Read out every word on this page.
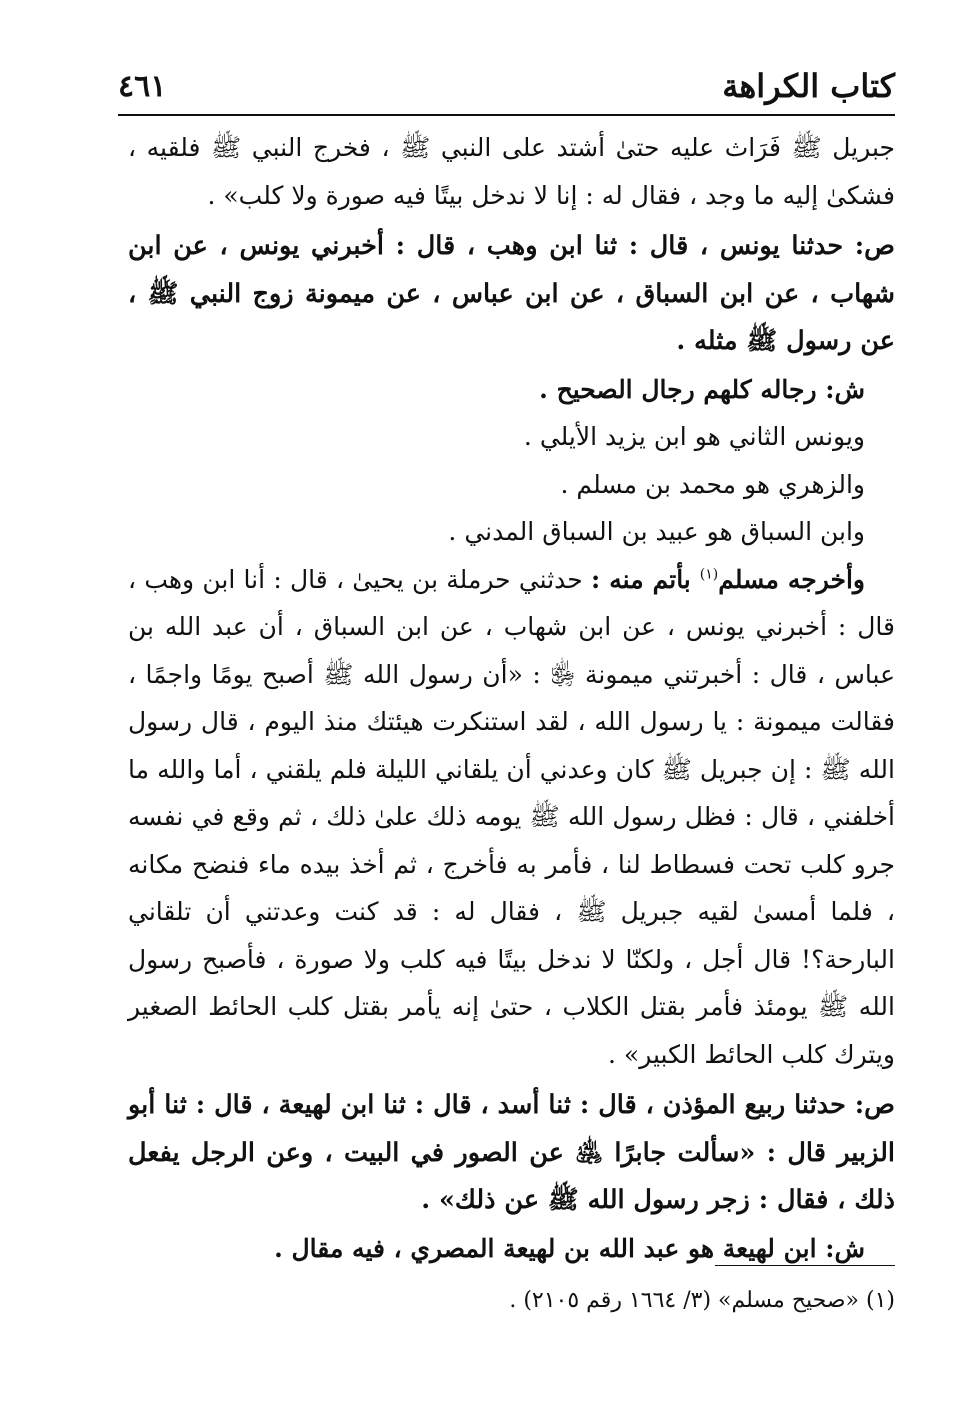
كتاب الكراهة
٤٦١

جبريل ﷺ فَرَاث عليه حتىٰ أشتد على النبي ﷺ ، فخرج النبي ﷺ فلقيه ، فشكىٰ إليه ما وجد ، فقال له : إنا لا ندخل بيتًا فيه صورة ولا كلب» .

ص: حدثنا يونس ، قال : ثنا ابن وهب ، قال : أخبرني يونس ، عن ابن شهاب ، عن ابن السباق ، عن ابن عباس ، عن ميمونة زوج النبي ﷺ ، عن رسول ﷺ مثله .

ش: رجاله كلهم رجال الصحيح .

ويونس الثاني هو ابن يزيد الأيلي .

والزهري هو محمد بن مسلم .

وابن السباق هو عبيد بن السباق المدني .

وأخرجه مسلم$^{(١)}$ بأتم منه : حدثني حرملة بن يحيىٰ ، قال : أنا ابن وهب ، قال : أخبرني يونس ، عن ابن شهاب ، عن ابن السباق ، أن عبد الله بن عباس ، قال : أخبرتني ميمونة ﵂ : «أن رسول الله ﷺ أصبح يومًا واجمًا ، فقالت ميمونة : يا رسول الله ، لقد استنكرت هيئتك منذ اليوم ، قال رسول الله ﷺ : إن جبريل ﷺ كان وعدني أن يلقاني الليلة فلم يلقني ، أما والله ما أخلفني ، قال : فظل رسول الله ﷺ يومه ذلك علىٰ ذلك ، ثم وقع في نفسه جرو كلب تحت فسطاط لنا ، فأمر به فأخرج ، ثم أخذ بيده ماء فنضح مكانه ، فلما أمسىٰ لقيه جبريل ﷺ ، فقال له : قد كنت وعدتني أن تلقاني البارحة؟! قال أجل ، ولكنّا لا ندخل بيتًا فيه كلب ولا صورة ، فأصبح رسول الله ﷺ يومئذ فأمر بقتل الكلاب ، حتىٰ إنه يأمر بقتل كلب الحائط الصغير ويترك كلب الحائط الكبير» .

ص: حدثنا ربيع المؤذن ، قال : ثنا أسد ، قال : ثنا ابن لهيعة ، قال : ثنا أبو الزبير قال : «سألت جابرًا ﵁ عن الصور في البيت ، وعن الرجل يفعل ذلك ، فقال : زجر رسول الله ﷺ عن ذلك» .

ش: ابن لهيعة هو عبد الله بن لهيعة المصري ، فيه مقال .

(١) «صحيح مسلم» (٣/ ١٦٦٤ رقم ٢١٠٥) .
